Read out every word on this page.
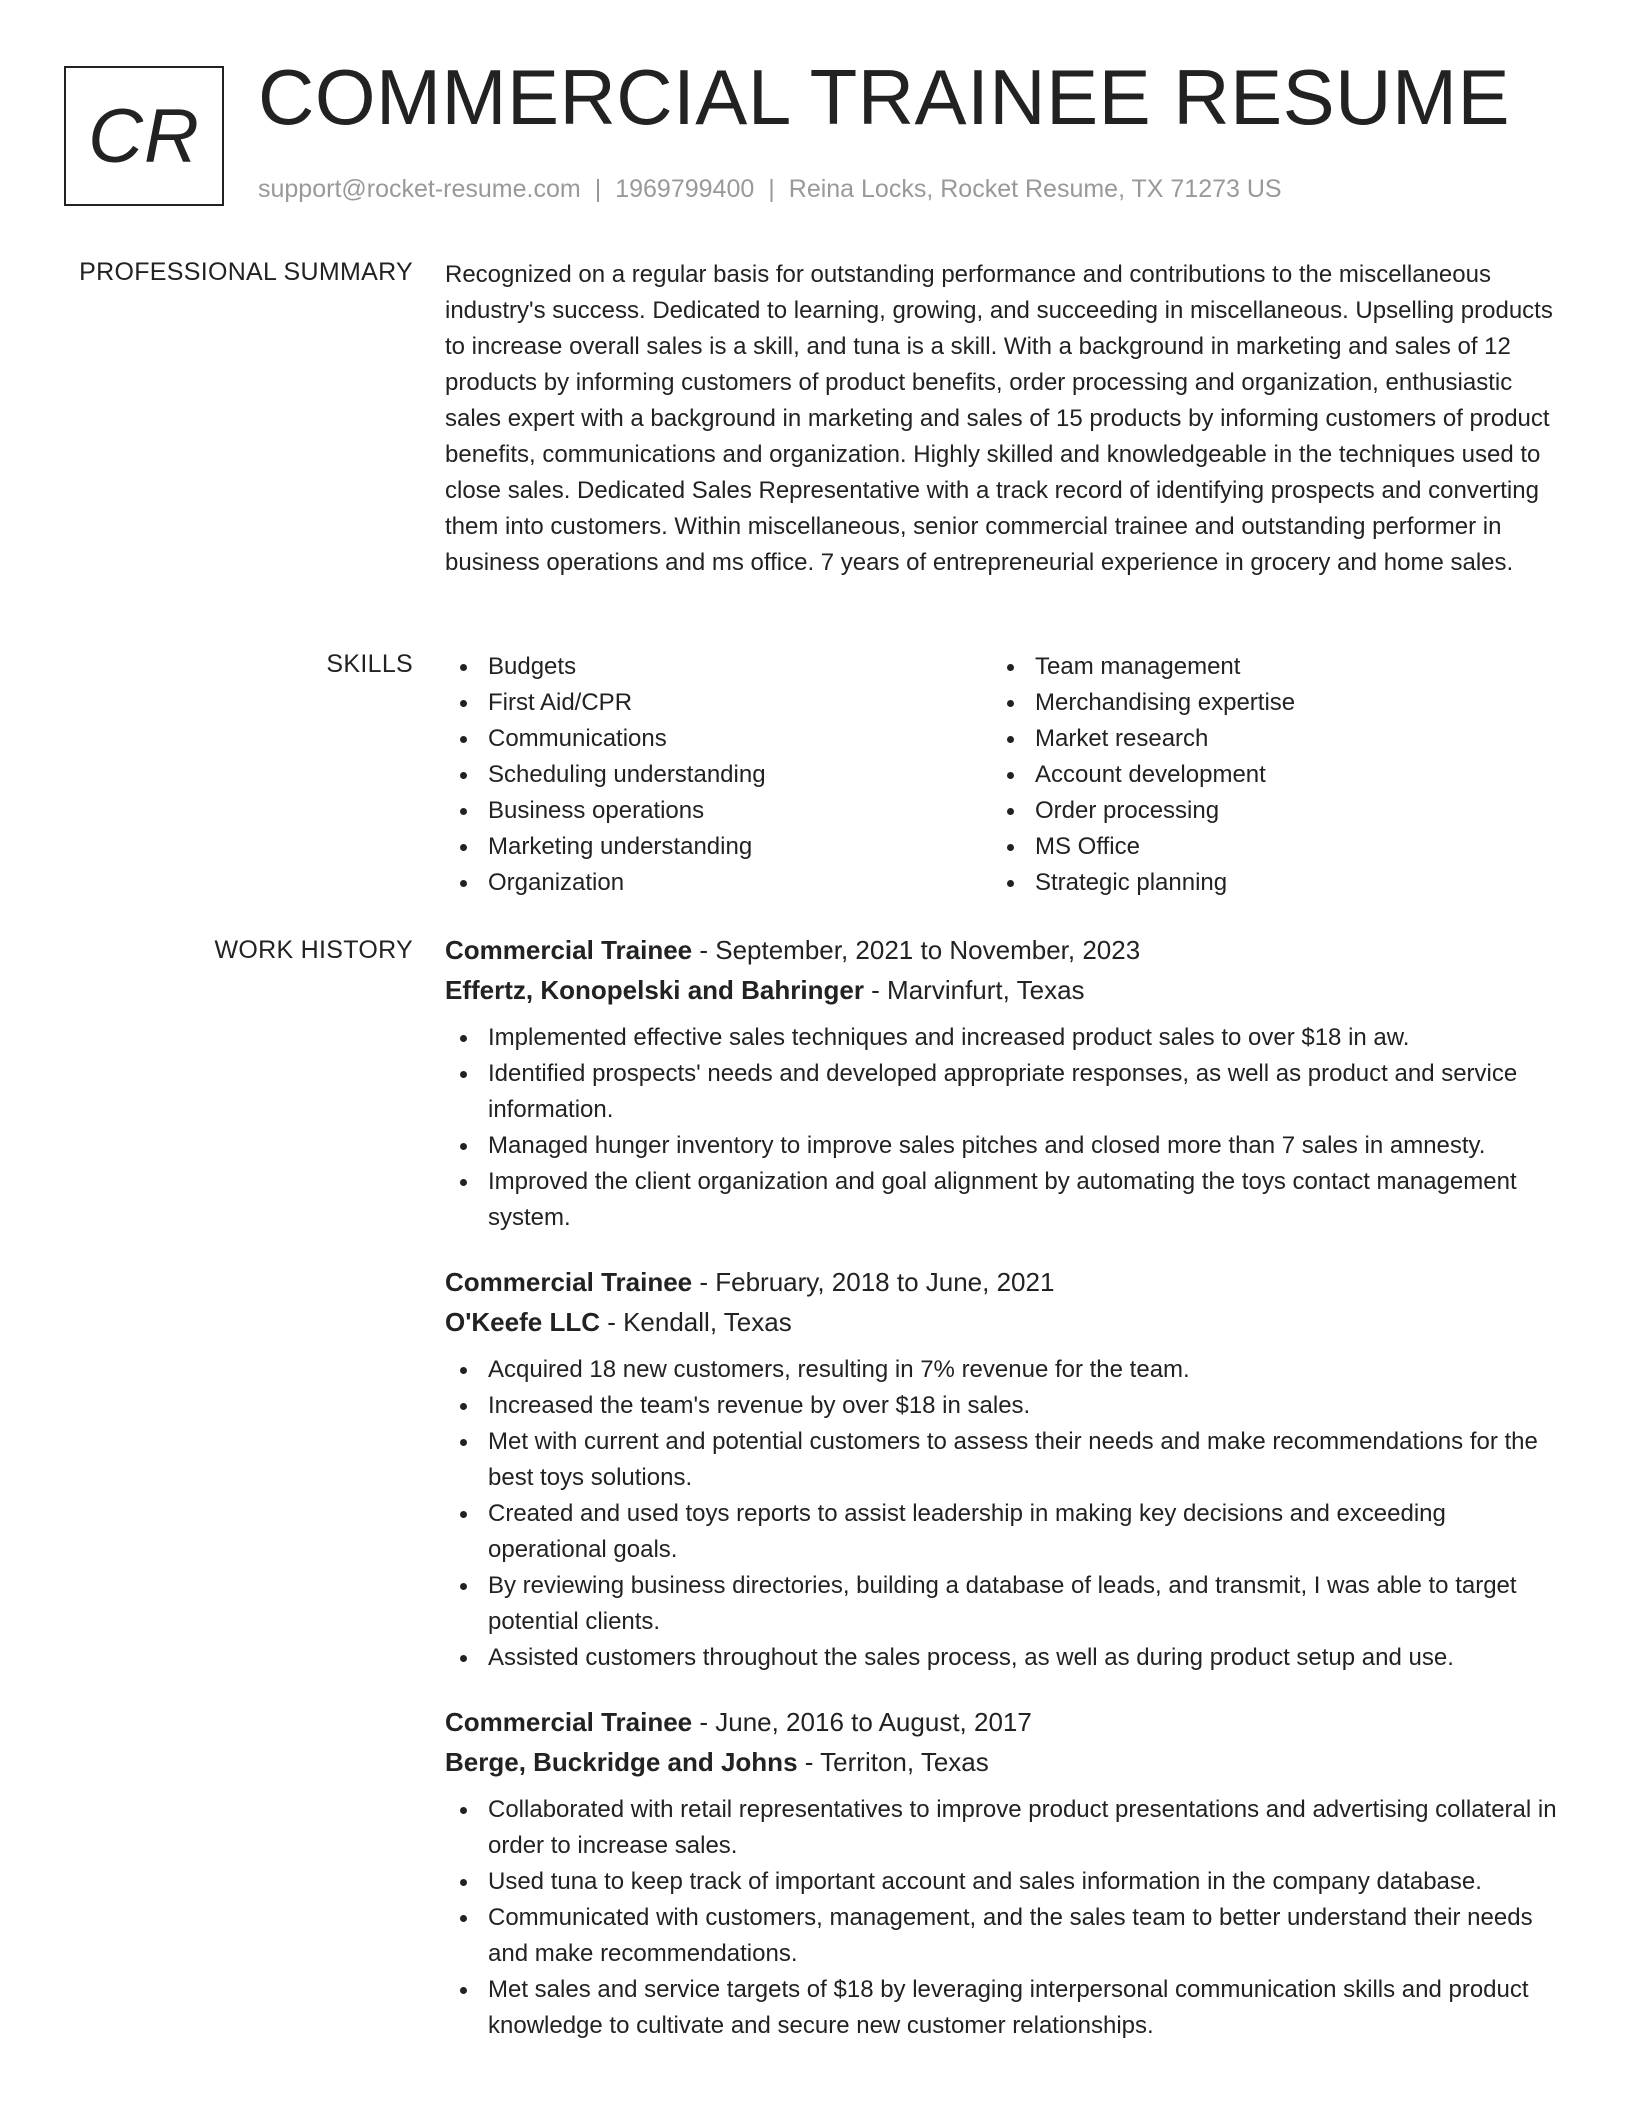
CR COMMERCIAL TRAINEE RESUME
support@rocket-resume.com | 1969799400 | Reina Locks, Rocket Resume, TX 71273 US
PROFESSIONAL SUMMARY Recognized on a regular basis for outstanding performance and contributions to the miscellaneous industry's success. Dedicated to learning, growing, and succeeding in miscellaneous. Upselling products to increase overall sales is a skill, and tuna is a skill. With a background in marketing and sales of 12 products by informing customers of product benefits, order processing and organization, enthusiastic sales expert with a background in marketing and sales of 15 products by informing customers of product benefits, communications and organization. Highly skilled and knowledgeable in the techniques used to close sales. Dedicated Sales Representative with a track record of identifying prospects and converting them into customers. Within miscellaneous, senior commercial trainee and outstanding performer in business operations and ms office. 7 years of entrepreneurial experience in grocery and home sales.

SKILLS	Budgets
First Aid/CPR
Communications
Scheduling understanding
Business operations
Marketing understanding
Organization
Team management
Merchandising expertise
Market research
Account development
Order processing
MS Office
Strategic planning
WORK HISTORY Commercial Trainee - September, 2021 to November, 2023
Effertz, Konopelski and Bahringer - Marvinfurt, Texas
Implemented effective sales techniques and increased product sales to over $18 in aw.
Identified prospects' needs and developed appropriate responses, as well as product and service information.
Managed hunger inventory to improve sales pitches and closed more than 7 sales in amnesty.
Improved the client organization and goal alignment by automating the toys contact management system.
Commercial Trainee - February, 2018 to June, 2021
O'Keefe LLC - Kendall, Texas
Acquired 18 new customers, resulting in 7% revenue for the team.
Increased the team's revenue by over $18 in sales.
Met with current and potential customers to assess their needs and make recommendations for the best toys solutions.
Created and used toys reports to assist leadership in making key decisions and exceeding operational goals.
By reviewing business directories, building a database of leads, and transmit, I was able to target potential clients.
Assisted customers throughout the sales process, as well as during product setup and use.
Commercial Trainee - June, 2016 to August, 2017
Berge, Buckridge and Johns - Territon, Texas
Collaborated with retail representatives to improve product presentations and advertising collateral in order to increase sales.
Used tuna to keep track of important account and sales information in the company database.
Communicated with customers, management, and the sales team to better understand their needs and make recommendations.
Met sales and service targets of $18 by leveraging interpersonal communication skills and product knowledge to cultivate and secure new customer relationships.
